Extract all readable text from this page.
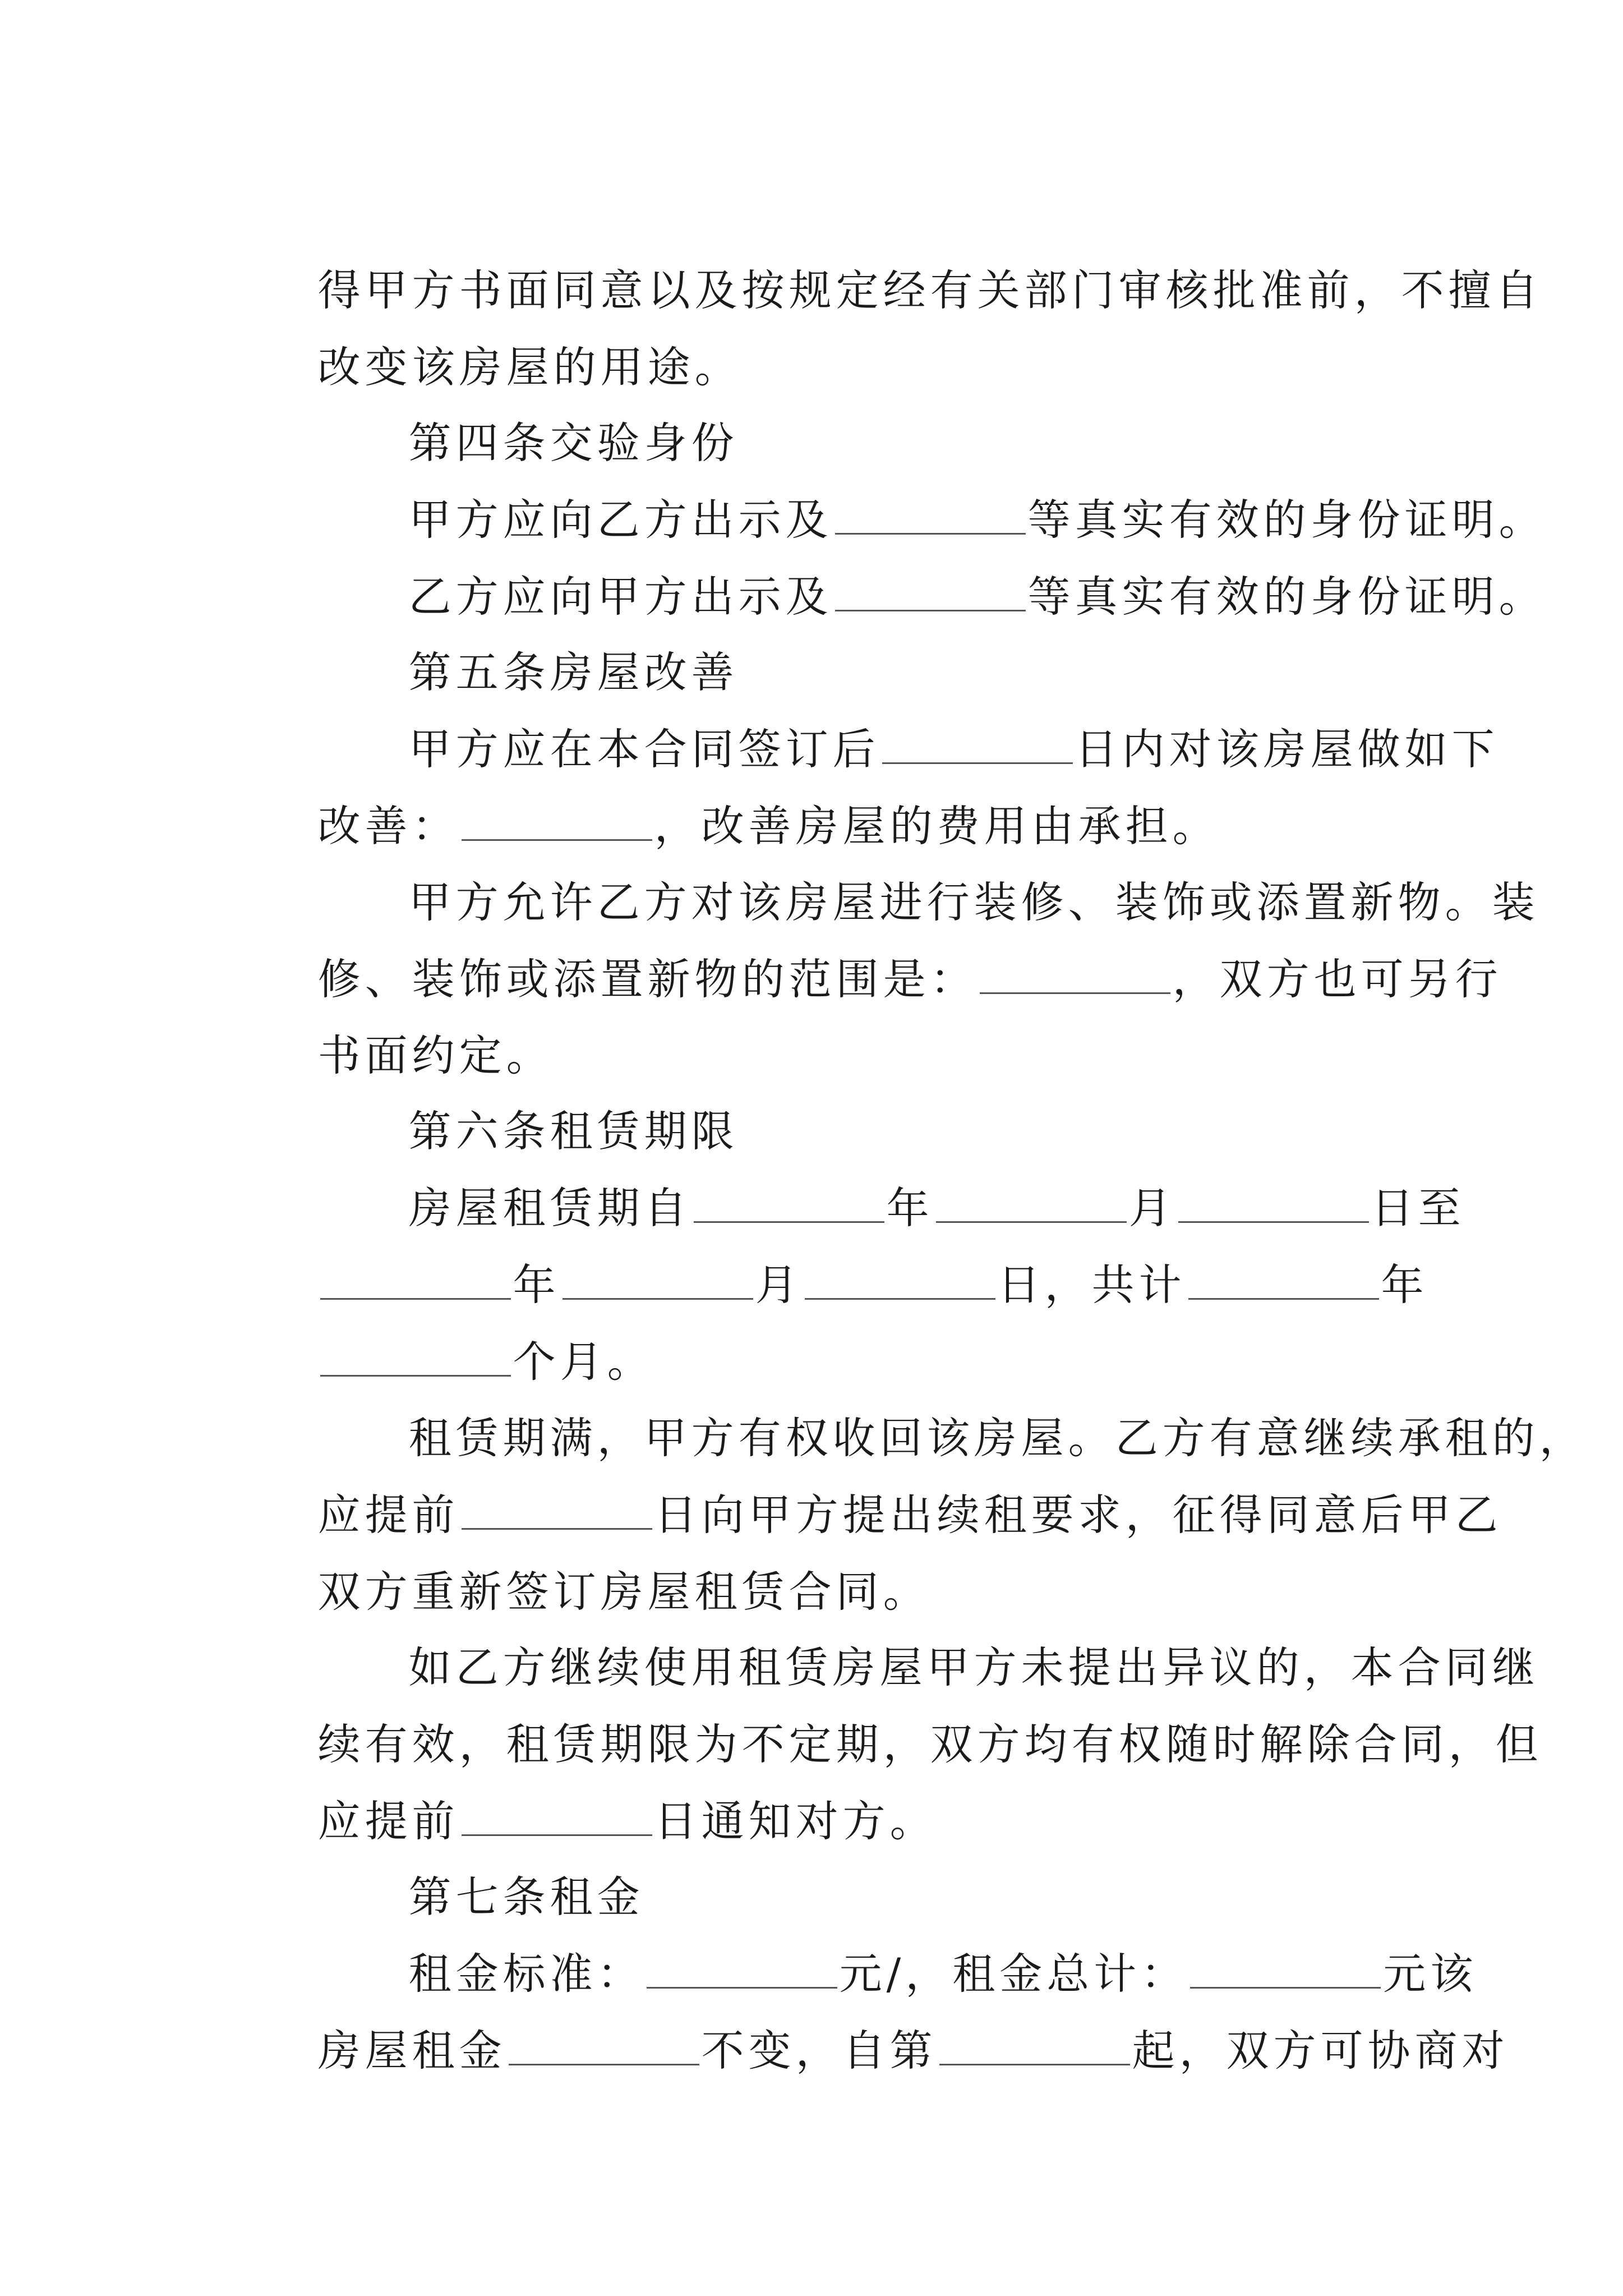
得甲方书面同意以及按规定经有关部门审核批准前，不擅自

改变该房屋的用途。

第四条交验身份

甲方应向乙方出示及	等真实有效的身份证明。

乙方应向甲方出示及	等真实有效的身份证明。

第五条房屋改善

甲方应在本合同签订后	日内对该房屋做如下

改善：	，改善房屋的费用由承担。

甲方允许乙方对该房屋进行装修、装饰或添置新物。装

修、装饰或添置新物的范围是：	，双方也可另行

书面约定。

第六条租赁期限

房屋租赁期自	年	月	日至

年	月	日，共计	年

个月。

租赁期满，甲方有权收回该房屋。乙方有意继续承租的，

应提前	日向甲方提出续租要求，征得同意后甲乙

双方重新签订房屋租赁合同。

如乙方继续使用租赁房屋甲方未提出异议的，本合同继

续有效，租赁期限为不定期，双方均有权随时解除合同，但

应提前	日通知对方。

第七条租金

租金标准：	元/，租金总计：	元该

房屋租金	不变，自第	起，双方可协商对
